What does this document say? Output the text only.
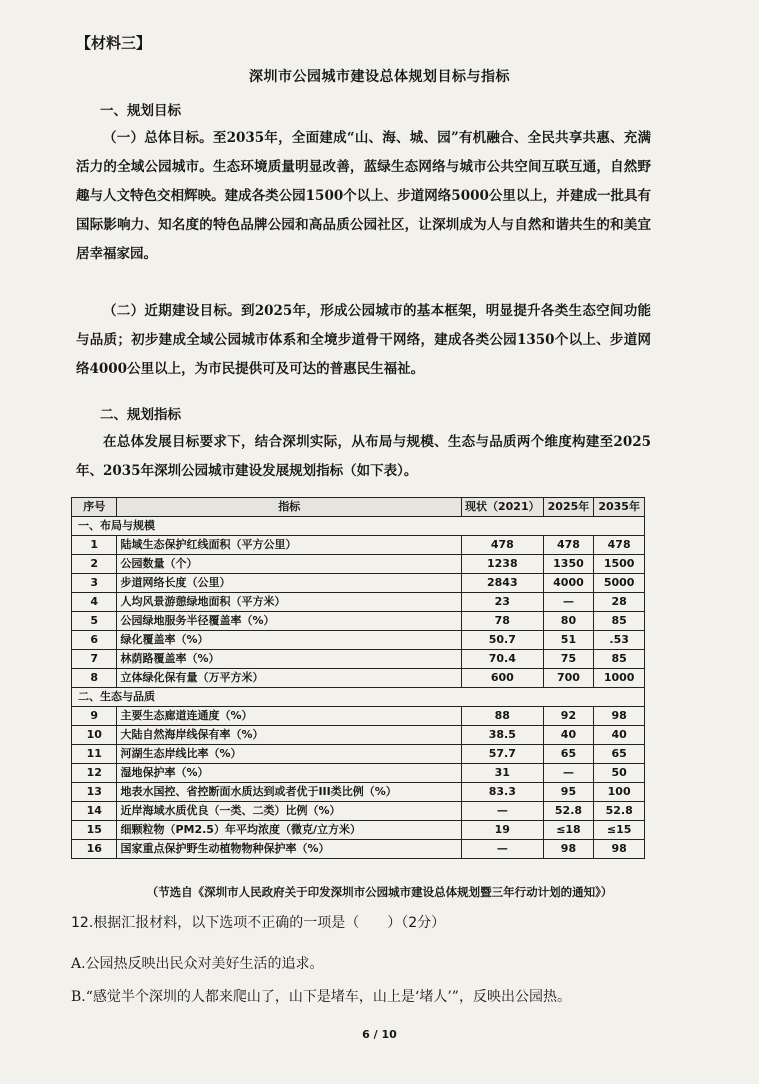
【材料三】
深圳市公园城市建设总体规划目标与指标
一、规划目标
（一）总体目标。至2035年，全面建成“山、海、城、园”有机融合、全民共享共惠、充满活力的全域公园城市。生态环境质量明显改善，蓝绿生态网络与城市公共空间互联互通，自然野趣与人文特色交相辉映。建成各类公园1500个以上、步道网络5000公里以上，并建成一批具有国际影响力、知名度的特色品牌公园和高品质公园社区，让深圳成为人与自然和谐共生的和美宜居幸福家园。
（二）近期建设目标。到2025年，形成公园城市的基本框架，明显提升各类生态空间功能与品质；初步建成全域公园城市体系和全境步道骨干网络，建成各类公园1350个以上、步道网络4000公里以上，为市民提供可及可达的普惠民生福祉。
二、规划指标
在总体发展目标要求下，结合深圳实际，从布局与规模、生态与品质两个维度构建至2025年、2035年深圳公园城市建设发展规划指标（如下表）。
序号	指标	现状（2021）	2025年	2035年
一、布局与规模				
1	陆域生态保护红线面积（平方公里）	478	478	478
2	公园数量（个）	1238	1350	1500
3	步道网络长度（公里）	2843	4000	5000
4	人均风景游憩绿地面积（平方米）	23	—	28
5	公园绿地服务半径覆盖率（%）	78	80	85
6	绿化覆盖率（%）	50.7	51	.53
7	林荫路覆盖率（%）	70.4	75	85
8	立体绿化保有量（万平方米）	600	700	1000
二、生态与品质				
9	主要生态廊道连通度（%）	88	92	98
10	大陆自然海岸线保有率（%）	38.5	40	40
11	河湖生态岸线比率（%）	57.7	65	65
12	湿地保护率（%）	31	—	50
13	地表水国控、省控断面水质达到或者优于III类比例（%）	83.3	95	100
14	近岸海域水质优良（一类、二类）比例（%）	—	52.8	52.8
15	细颗粒物（PM2.5）年平均浓度（微克/立方米）	19	≤18	≤15
16	国家重点保护野生动植物物种保护率（%）	—	98	98
（节选自《深圳市人民政府关于印发深圳市公园城市建设总体规划暨三年行动计划的通知》）
12.根据汇报材料，以下选项不正确的一项是（　　）（2分）
A.公园热反映出民众对美好生活的追求。
B.“感觉半个深圳的人都来爬山了，山下是堵车，山上是‘堵人’”，反映出公园热。
6 / 10
